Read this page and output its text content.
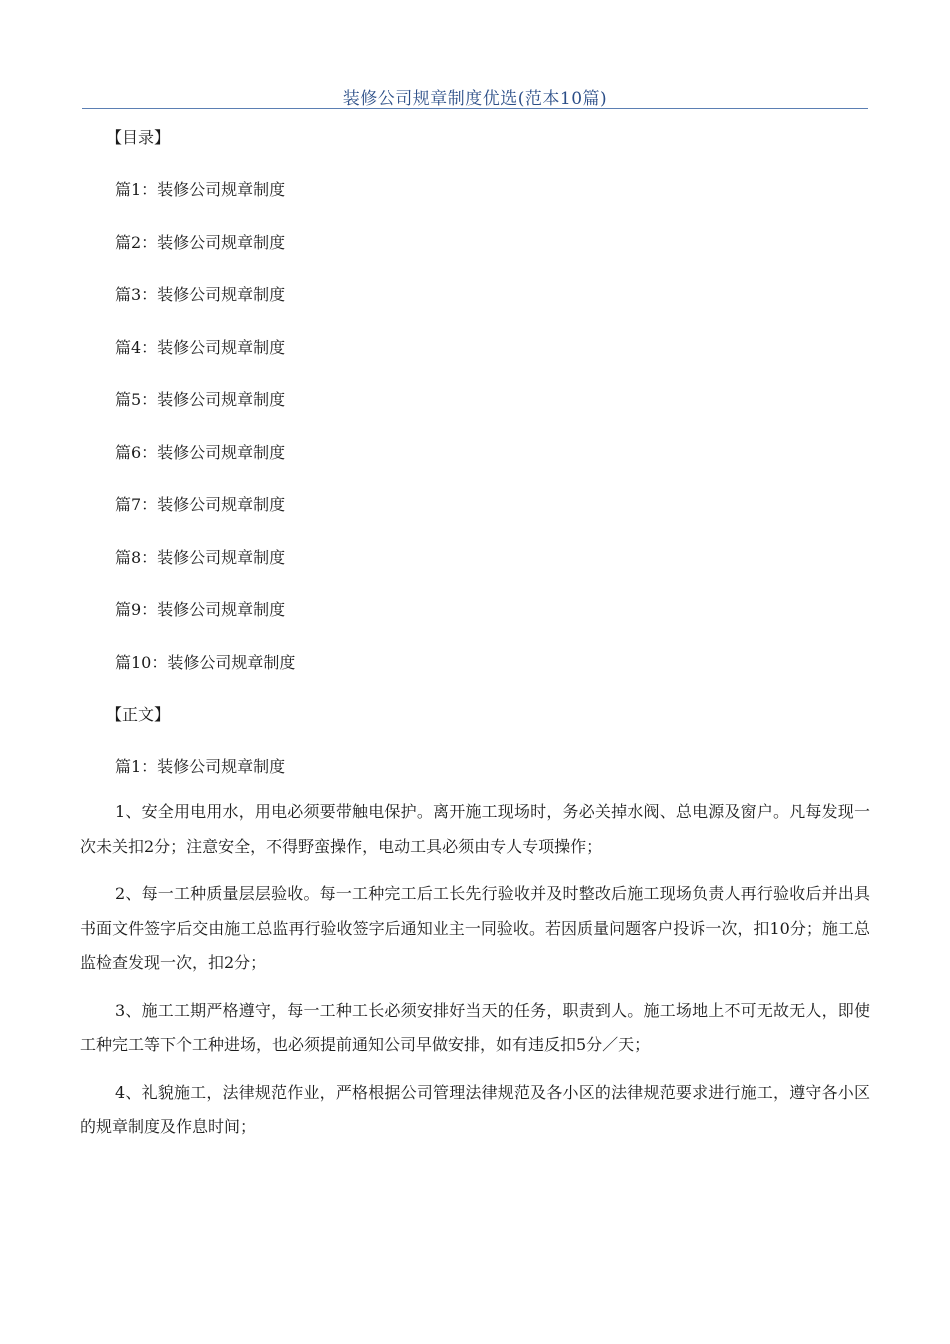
装修公司规章制度优选(范本10篇)
【目录】
篇1：装修公司规章制度
篇2：装修公司规章制度
篇3：装修公司规章制度
篇4：装修公司规章制度
篇5：装修公司规章制度
篇6：装修公司规章制度
篇7：装修公司规章制度
篇8：装修公司规章制度
篇9：装修公司规章制度
篇10：装修公司规章制度
【正文】
篇1：装修公司规章制度

1、安全用电用水，用电必须要带触电保护。离开施工现场时，务必关掉水阀、总电源及窗户。凡每发现一次未关扣2分；注意安全，不得野蛮操作，电动工具必须由专人专项操作；

2、每一工种质量层层验收。每一工种完工后工长先行验收并及时整改后施工现场负责人再行验收后并出具书面文件签字后交由施工总监再行验收签字后通知业主一同验收。若因质量问题客户投诉一次，扣10分；施工总监检查发现一次，扣2分；

3、施工工期严格遵守，每一工种工长必须安排好当天的任务，职责到人。施工场地上不可无故无人，即使工种完工等下个工种进场，也必须提前通知公司早做安排，如有违反扣5分／天；

4、礼貌施工，法律规范作业，严格根据公司管理法律规范及各小区的法律规范要求进行施工，遵守各小区的规章制度及作息时间；
